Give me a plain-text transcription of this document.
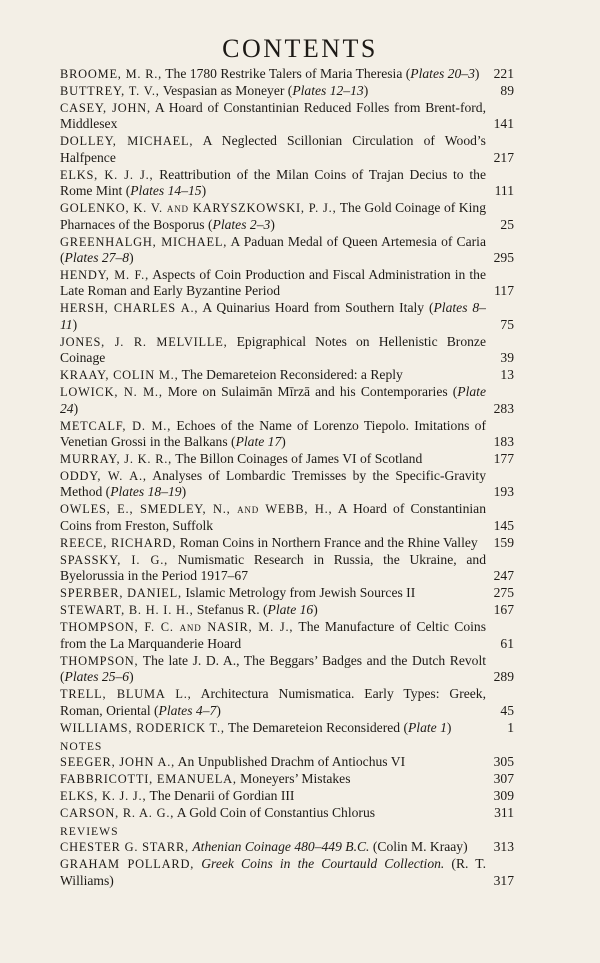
CONTENTS
BROOME, M. R., The 1780 Restrike Talers of Maria Theresia (Plates 20–3)	221
BUTTREY, T. V., Vespasian as Moneyer (Plates 12–13)	89
CASEY, JOHN, A Hoard of Constantinian Reduced Folles from Brent-ford, Middlesex	141
DOLLEY, MICHAEL, A Neglected Scillonian Circulation of Wood’s Halfpence	217
ELKS, K. J. J., Reattribution of the Milan Coins of Trajan Decius to the Rome Mint (Plates 14–15)	111
GOLENKO, K. V. and KARYSZKOWSKI, P. J., The Gold Coinage of King Pharnaces of the Bosporus (Plates 2–3)	25
GREENHALGH, MICHAEL, A Paduan Medal of Queen Artemesia of Caria (Plates 27–8)	295
HENDY, M. F., Aspects of Coin Production and Fiscal Administration in the Late Roman and Early Byzantine Period	117
HERSH, CHARLES A., A Quinarius Hoard from Southern Italy (Plates 8–11)	75
JONES, J. R. MELVILLE, Epigraphical Notes on Hellenistic Bronze Coinage	39
KRAAY, COLIN M., The Demareteion Reconsidered: a Reply	13
LOWICK, N. M., More on Sulaimān Mīrzā and his Contemporaries (Plate 24)	283
METCALF, D. M., Echoes of the Name of Lorenzo Tiepolo. Imitations of Venetian Grossi in the Balkans (Plate 17)	183
MURRAY, J. K. R., The Billon Coinages of James VI of Scotland	177
ODDY, W. A., Analyses of Lombardic Tremisses by the Specific-Gravity Method (Plates 18–19)	193
OWLES, E., SMEDLEY, N., and WEBB, H., A Hoard of Constantinian Coins from Freston, Suffolk	145
REECE, RICHARD, Roman Coins in Northern France and the Rhine Valley	159
SPASSKY, I. G., Numismatic Research in Russia, the Ukraine, and Byelorussia in the Period 1917–67	247
SPERBER, DANIEL, Islamic Metrology from Jewish Sources II	275
STEWART, B. H. I. H., Stefanus R. (Plate 16)	167
THOMPSON, F. C. and NASIR, M. J., The Manufacture of Celtic Coins from the La Marquanderie Hoard	61
THOMPSON, The late J. D. A., The Beggars’ Badges and the Dutch Revolt (Plates 25–6)	289
TRELL, BLUMA L., Architectura Numismatica. Early Types: Greek, Roman, Oriental (Plates 4–7)	45
WILLIAMS, RODERICK T., The Demareteion Reconsidered (Plate 1)	1
NOTES
SEEGER, JOHN A., An Unpublished Drachm of Antiochus VI	305
FABBRICOTTI, EMANUELA, Moneyers’ Mistakes	307
ELKS, K. J. J., The Denarii of Gordian III	309
CARSON, R. A. G., A Gold Coin of Constantius Chlorus	311
REVIEWS
CHESTER G. STARR, Athenian Coinage 480–449 B.C. (Colin M. Kraay)	313
GRAHAM POLLARD, Greek Coins in the Courtauld Collection. (R. T. Williams)	317
